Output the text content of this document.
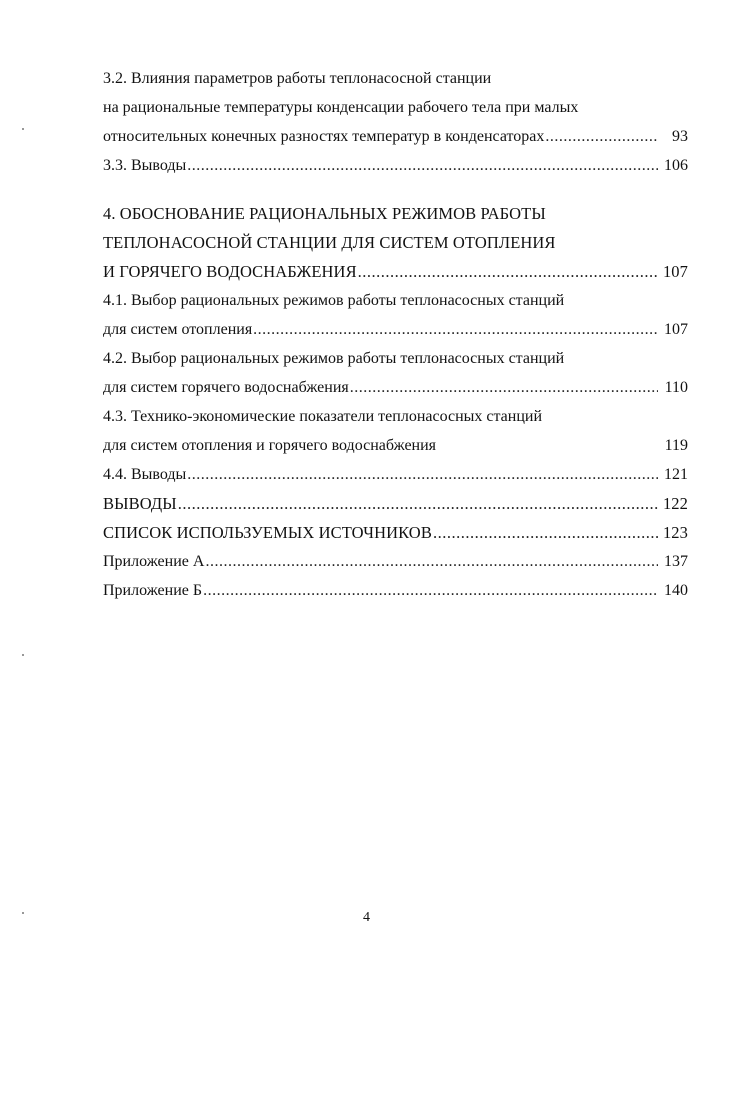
3.2. Влияния параметров работы теплонасосной станции
на рациональные температуры конденсации рабочего тела при малых
относительных конечных разностях температур в конденсаторах .....	93
3.3. Выводы .....	106
4. ОБОСНОВАНИЕ РАЦИОНАЛЬНЫХ РЕЖИМОВ РАБОТЫ
ТЕПЛОНАСОСНОЙ СТАНЦИИ ДЛЯ СИСТЕМ ОТОПЛЕНИЯ
И ГОРЯЧЕГО ВОДОСНАБЖЕНИЯ .....	107
4.1. Выбор рациональных режимов работы теплонасосных станций
для систем отопления .....	107
4.2. Выбор рациональных режимов работы теплонасосных станций
для систем горячего водоснабжения .....	110
4.3. Технико-экономические показатели теплонасосных станций
для систем отопления и горячего водоснабжения	119
4.4. Выводы .....	121
ВЫВОДЫ .....	122
СПИСОК ИСПОЛЬЗУЕМЫХ ИСТОЧНИКОВ .....	123
Приложение А .....	137
Приложение Б .....	140
4
